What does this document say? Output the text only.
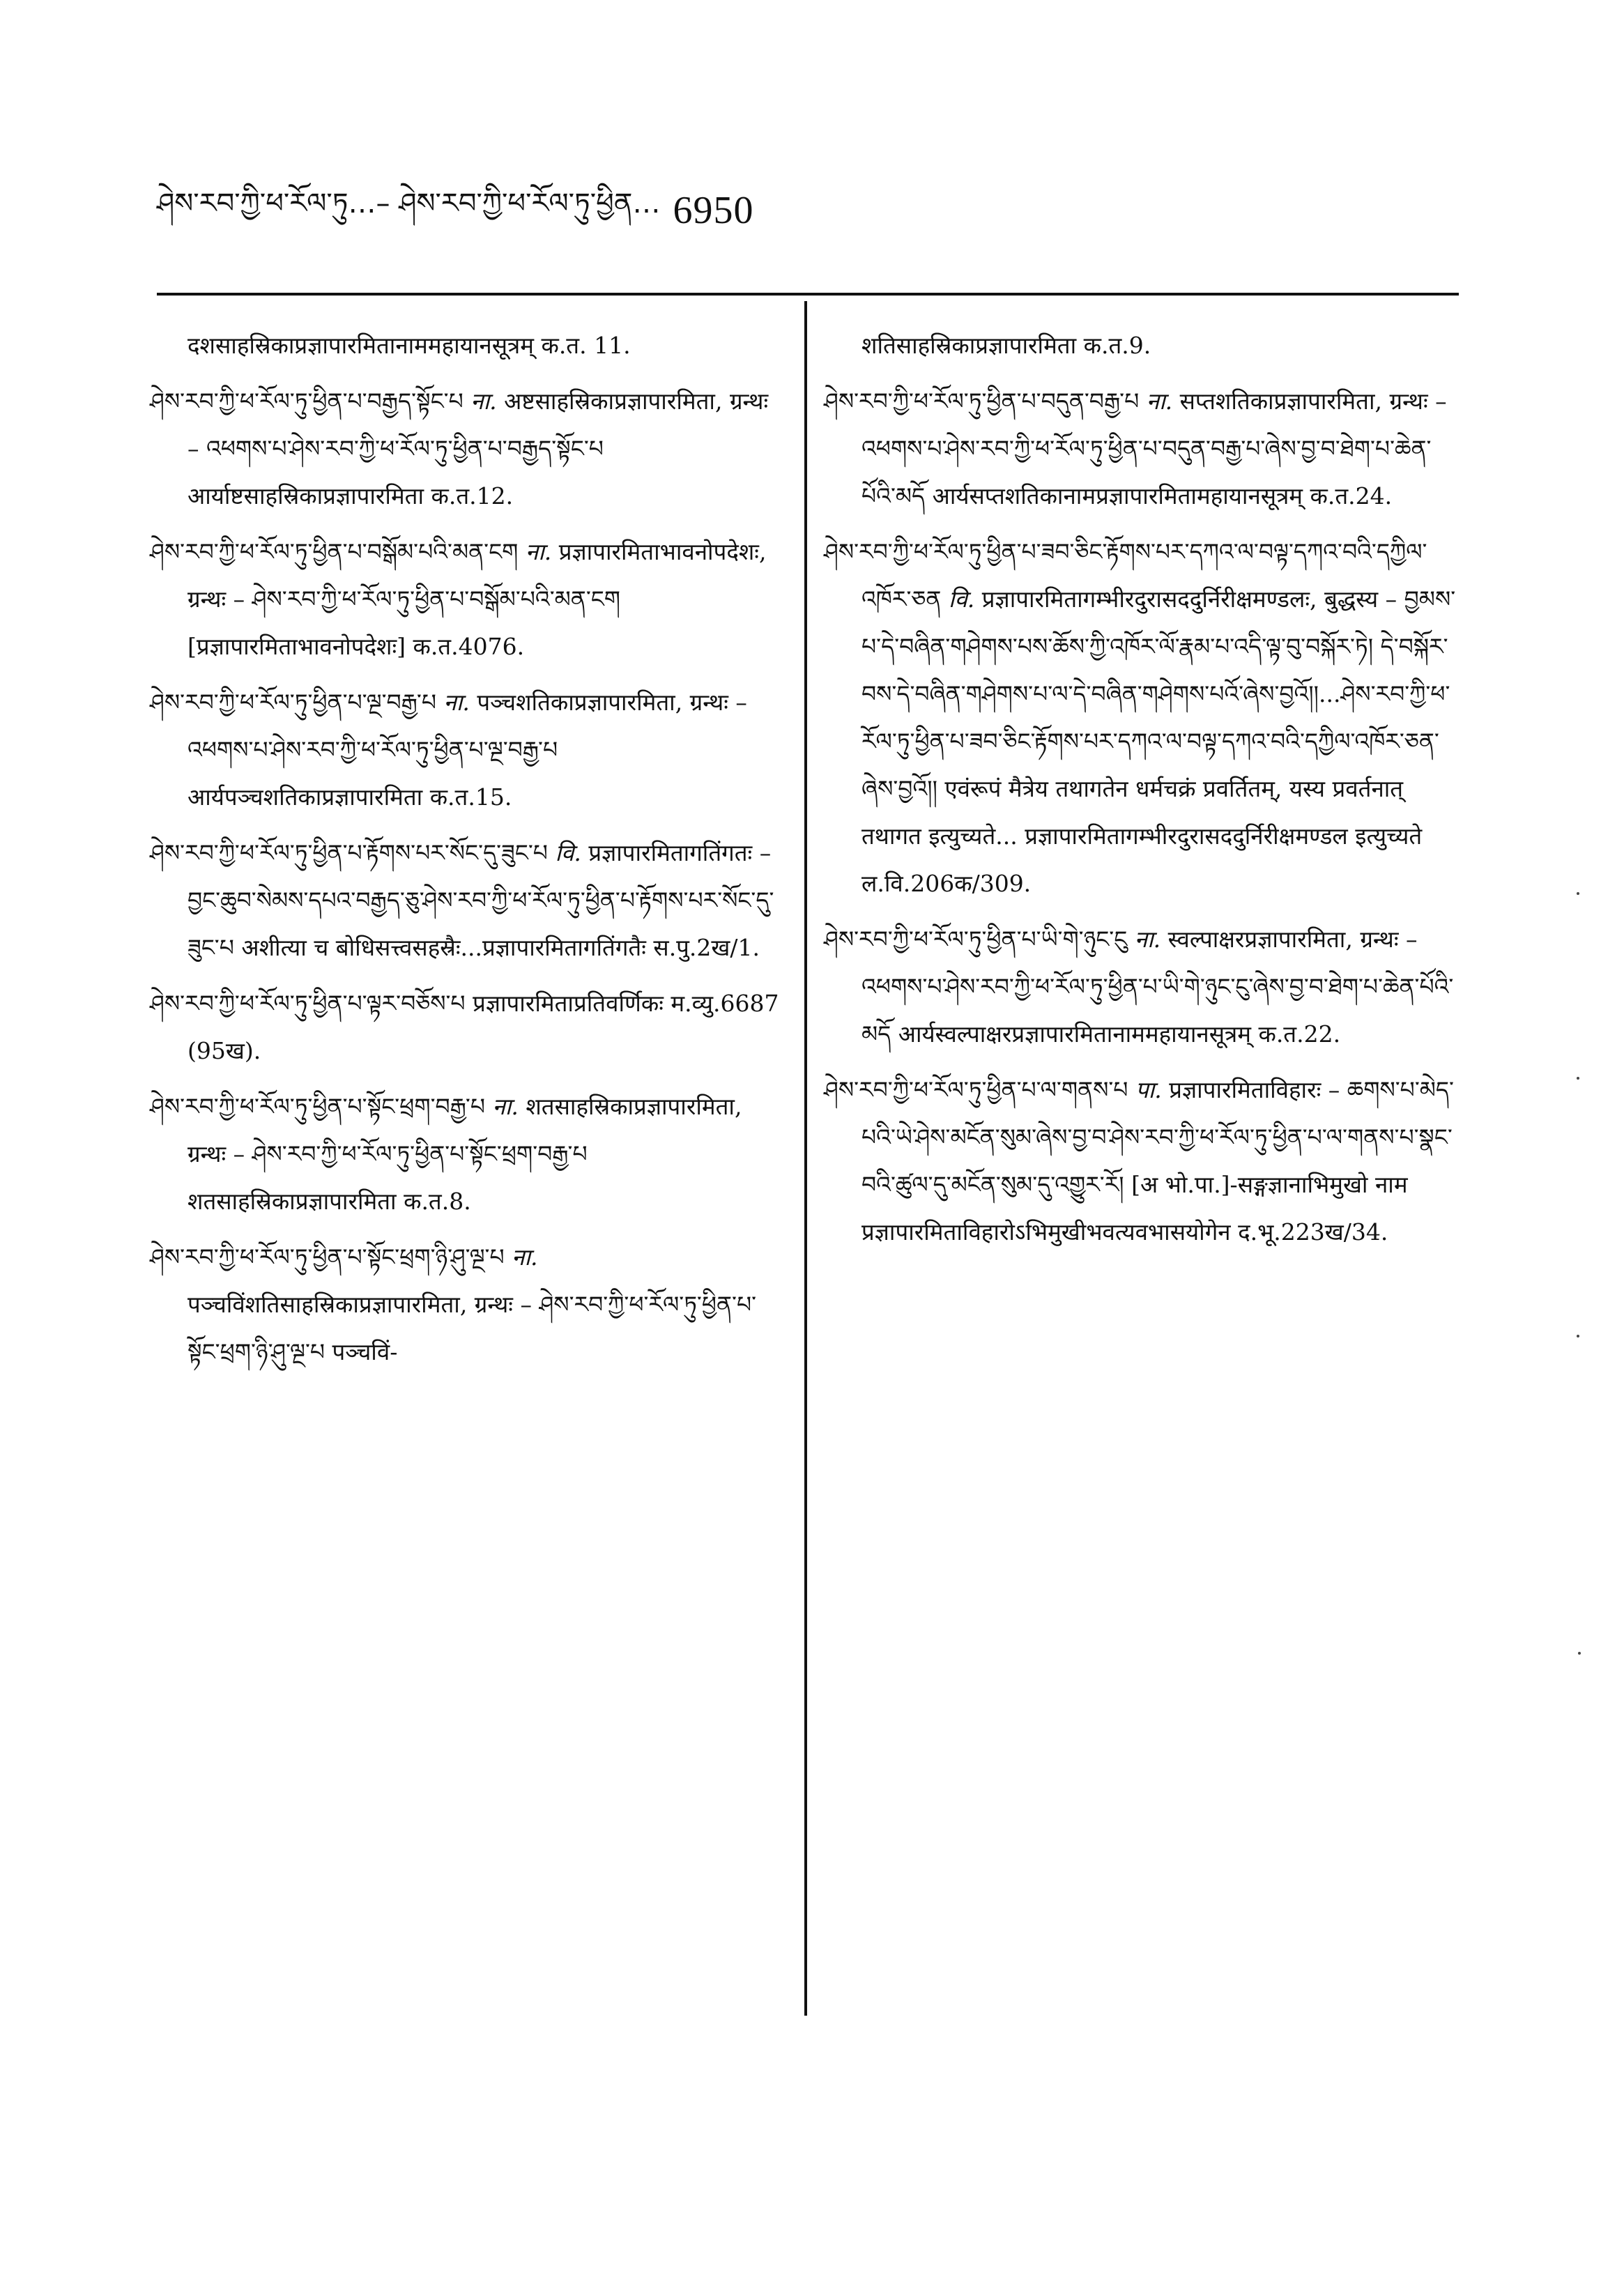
ཤེས་རབ་ཀྱི་ཕ་རོལ་ཏུ…– ཤེས་རབ་ཀྱི་ཕ་རོལ་ཏུ་ཕྱིན… 6950

दशसाहस्रिकाप्रज्ञापारमितानाममहायानसूत्रम् क.त. 11.

ཤེས་རབ་ཀྱི་ཕ་རོལ་ཏུ་ཕྱིན་པ་བརྒྱད་སྟོང་པ ना. अष्टसाहस्रिकाप्रज्ञापारमिता, ग्रन्थः – འཕགས་པ་ཤེས་རབ་ཀྱི་ཕ་རོལ་ཏུ་ཕྱིན་པ་བརྒྱད་སྟོང་པ आर्याष्टसाहस्रिकाप्रज्ञापारमिता क.त.12.

ཤེས་རབ་ཀྱི་ཕ་རོལ་ཏུ་ཕྱིན་པ་བསྒོམ་པའི་མན་ངག ना. प्रज्ञापारमिताभावनोपदेशः, ग्रन्थः – ཤེས་རབ་ཀྱི་ཕ་རོལ་ཏུ་ཕྱིན་པ་བསྒོམ་པའི་མན་ངག [प्रज्ञापारमिताभावनोपदेशः] क.त.4076.

ཤེས་རབ་ཀྱི་ཕ་རོལ་ཏུ་ཕྱིན་པ་ལྔ་བརྒྱ་པ ना. पञ्चशतिकाप्रज्ञापारमिता, ग्रन्थः – འཕགས་པ་ཤེས་རབ་ཀྱི་ཕ་རོལ་ཏུ་ཕྱིན་པ་ལྔ་བརྒྱ་པ आर्यपञ्चशतिकाप्रज्ञापारमिता क.त.15.

ཤེས་རབ་ཀྱི་ཕ་རོལ་ཏུ་ཕྱིན་པ་རྟོགས་པར་སོང་དུ་ཟུང་པ वि. प्रज्ञापारमितागतिंगतः – བྱང་ཆུབ་སེམས་དཔའ་བརྒྱད་ཅུ་ཤེས་རབ་ཀྱི་ཕ་རོལ་ཏུ་ཕྱིན་པ་རྟོགས་པར་སོང་དུ་ཟུང་པ अशीत्या च बोधिसत्त्वसहस्रैः...प्रज्ञापारमितागतिंगतैः स.पु.2ख/1.

ཤེས་རབ་ཀྱི་ཕ་རོལ་ཏུ་ཕྱིན་པ་ལྟར་བཅོས་པ प्रज्ञापारमिताप्रतिवर्णिकः म.व्यु.6687 (95ख).

ཤེས་རབ་ཀྱི་ཕ་རོལ་ཏུ་ཕྱིན་པ་སྟོང་ཕྲག་བརྒྱ་པ ना. शतसाहस्रिकाप्रज्ञापारमिता, ग्रन्थः – ཤེས་རབ་ཀྱི་ཕ་རོལ་ཏུ་ཕྱིན་པ་སྟོང་ཕྲག་བརྒྱ་པ शतसाहस्रिकाप्रज्ञापारमिता क.त.8.

ཤེས་རབ་ཀྱི་ཕ་རོལ་ཏུ་ཕྱིན་པ་སྟོང་ཕྲག་ཉི་ཤུ་ལྔ་པ ना. पञ्चविंशतिसाहस्रिकाप्रज्ञापारमिता, ग्रन्थः – ཤེས་རབ་ཀྱི་ཕ་རོལ་ཏུ་ཕྱིན་པ་སྟོང་ཕྲག་ཉི་ཤུ་ལྔ་པ पञ्चविं-

शतिसाहस्रिकाप्रज्ञापारमिता क.त.9.

ཤེས་རབ་ཀྱི་ཕ་རོལ་ཏུ་ཕྱིན་པ་བདུན་བརྒྱ་པ ना. सप्तशतिकाप्रज्ञापारमिता, ग्रन्थः – འཕགས་པ་ཤེས་རབ་ཀྱི་ཕ་རོལ་ཏུ་ཕྱིན་པ་བདུན་བརྒྱ་པ་ཞེས་བྱ་བ་ཐེག་པ་ཆེན་པོའི་མདོ आर्यसप्तशतिकानामप्रज्ञापारमितामहायानसूत्रम् क.त.24.

ཤེས་རབ་ཀྱི་ཕ་རོལ་ཏུ་ཕྱིན་པ་ཟབ་ཅིང་རྟོགས་པར་དཀའ་ལ་བལྟ་དཀའ་བའི་དཀྱིལ་འཁོར་ཅན वि. प्रज्ञापारमितागम्भीरदुरासददुर्निरीक्षमण्डलः, बुद्धस्य – བྱམས་པ་དེ་བཞིན་གཤེགས་པས་ཆོས་ཀྱི་འཁོར་ལོ་རྣམ་པ་འདི་ལྟ་བུ་བསྐོར་ཏེ། དེ་བསྐོར་བས་དེ་བཞིན་གཤེགས་པ་ལ་དེ་བཞིན་གཤེགས་པའོ་ཞེས་བྱའོ།།...ཤེས་རབ་ཀྱི་ཕ་རོལ་ཏུ་ཕྱིན་པ་ཟབ་ཅིང་རྟོགས་པར་དཀའ་ལ་བལྟ་དཀའ་བའི་དཀྱིལ་འཁོར་ཅན་ཞེས་བྱའོ།། एवंरूपं मैत्रेय तथागतेन धर्मचक्रं प्रवर्तितम्, यस्य प्रवर्तनात् तथागत इत्युच्यते... प्रज्ञापारमितागम्भीरदुरासददुर्निरीक्षमण्डल इत्युच्यते ल.वि.206क/309.

ཤེས་རབ་ཀྱི་ཕ་རོལ་ཏུ་ཕྱིན་པ་ཡི་གེ་ཉུང་ངུ ना. स्वल्पाक्षरप्रज्ञापारमिता, ग्रन्थः – འཕགས་པ་ཤེས་རབ་ཀྱི་ཕ་རོལ་ཏུ་ཕྱིན་པ་ཡི་གེ་ཉུང་ངུ་ཞེས་བྱ་བ་ཐེག་པ་ཆེན་པོའི་མདོ आर्यस्वल्पाक्षरप्रज्ञापारमितानाममहायानसूत्रम् क.त.22.

ཤེས་རབ་ཀྱི་ཕ་རོལ་ཏུ་ཕྱིན་པ་ལ་གནས་པ पा. प्रज्ञापारमिताविहारः – ཆགས་པ་མེད་པའི་ཡེ་ཤེས་མངོན་སུམ་ཞེས་བྱ་བ་ཤེས་རབ་ཀྱི་ཕ་རོལ་ཏུ་ཕྱིན་པ་ལ་གནས་པ་སྣང་བའི་ཚུལ་དུ་མངོན་སུམ་དུ་འགྱུར་རོ། [अ भो.पा.]-सङ्गज्ञानाभिमुखो नाम प्रज्ञापारमिताविहारोऽभिमुखीभवत्यवभासयोगेन द.भू.223ख/34.
